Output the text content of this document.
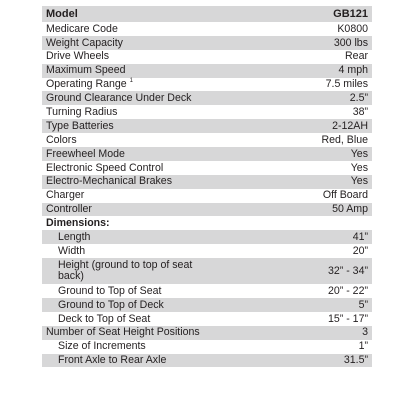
Model	GB121
Medicare Code	K0800
Weight Capacity	300 lbs
Drive Wheels	Rear
Maximum Speed	4 mph
Operating Range $^1$	7.5 miles
Ground Clearance Under Deck	2.5”
Turning Radius	38”
Type Batteries	2-12AH
Colors	Red, Blue
Freewheel Mode	Yes
Electronic Speed Control	Yes
Electro-Mechanical Brakes	Yes
Charger	Off Board
Controller	50 Amp
Dimensions:
Length	41”
Width	20”
Height (ground to top of seat back)	32” - 34”
Ground to Top of Seat	20” - 22”
Ground to Top of Deck	5”
Deck to Top of Seat	15” - 17”
Number of Seat Height Positions	3
Size of Increments	1”
Front Axle to Rear Axle	31.5”
